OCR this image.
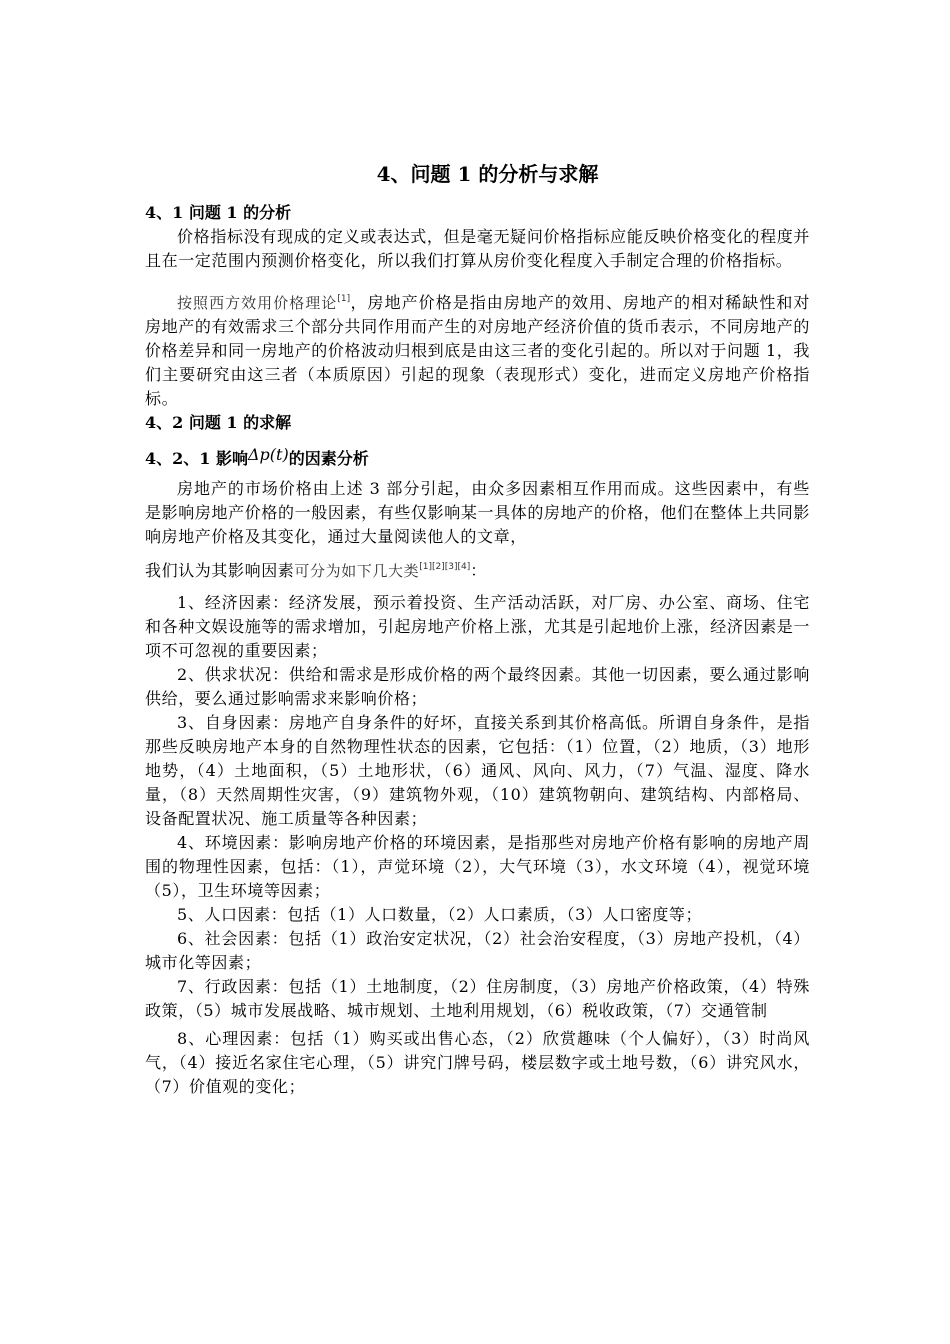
4、问题 1 的分析与求解

4、1 问题 1 的分析

价格指标没有现成的定义或表达式，但是毫无疑问价格指标应能反映价格变化的程度并且在一定范围内预测价格变化，所以我们打算从房价变化程度入手制定合理的价格指标。

按照西方效用价格理论[1]，房地产价格是指由房地产的效用、房地产的相对稀缺性和对房地产的有效需求三个部分共同作用而产生的对房地产经济价值的货币表示，不同房地产的价格差异和同一房地产的价格波动归根到底是由这三者的变化引起的。所以对于问题 1，我们主要研究由这三者（本质原因）引起的现象（表现形式）变化，进而定义房地产价格指标。

4、2 问题 1 的求解

4、2、1 影响Δp(t)的因素分析

房地产的市场价格由上述 3 部分引起，由众多因素相互作用而成。这些因素中，有些是影响房地产价格的一般因素，有些仅影响某一具体的房地产的价格，他们在整体上共同影响房地产价格及其变化，通过大量阅读他人的文章，

我们认为其影响因素可分为如下几大类[1][2][3][4]：

1、经济因素：经济发展，预示着投资、生产活动活跃，对厂房、办公室、商场、住宅和各种文娱设施等的需求增加，引起房地产价格上涨，尤其是引起地价上涨，经济因素是一项不可忽视的重要因素；

2、供求状况：供给和需求是形成价格的两个最终因素。其他一切因素，要么通过影响供给，要么通过影响需求来影响价格；

3、自身因素：房地产自身条件的好坏，直接关系到其价格高低。所谓自身条件，是指那些反映房地产本身的自然物理性状态的因素，它包括：（1）位置，（2）地质，（3）地形地势，（4）土地面积，（5）土地形状，（6）通风、风向、风力，（7）气温、湿度、降水量，（8）天然周期性灾害，（9）建筑物外观，（10）建筑物朝向、建筑结构、内部格局、设备配置状况、施工质量等各种因素；

4、环境因素：影响房地产价格的环境因素，是指那些对房地产价格有影响的房地产周围的物理性因素，包括：（1），声觉环境（2），大气环境（3），水文环境（4），视觉环境（5），卫生环境等因素；

5、人口因素：包括（1）人口数量，（2）人口素质，（3）人口密度等；

6、社会因素：包括（1）政治安定状况，（2）社会治安程度，（3）房地产投机，（4）城市化等因素；

7、行政因素：包括（1）土地制度，（2）住房制度，（3）房地产价格政策，（4）特殊政策，（5）城市发展战略、城市规划、土地利用规划，（6）税收政策，（7）交通管制

8、心理因素：包括（1）购买或出售心态，（2）欣赏趣味（个人偏好），（3）时尚风气，（4）接近名家住宅心理，（5）讲究门牌号码，楼层数字或土地号数，（6）讲究风水，（7）价值观的变化；
